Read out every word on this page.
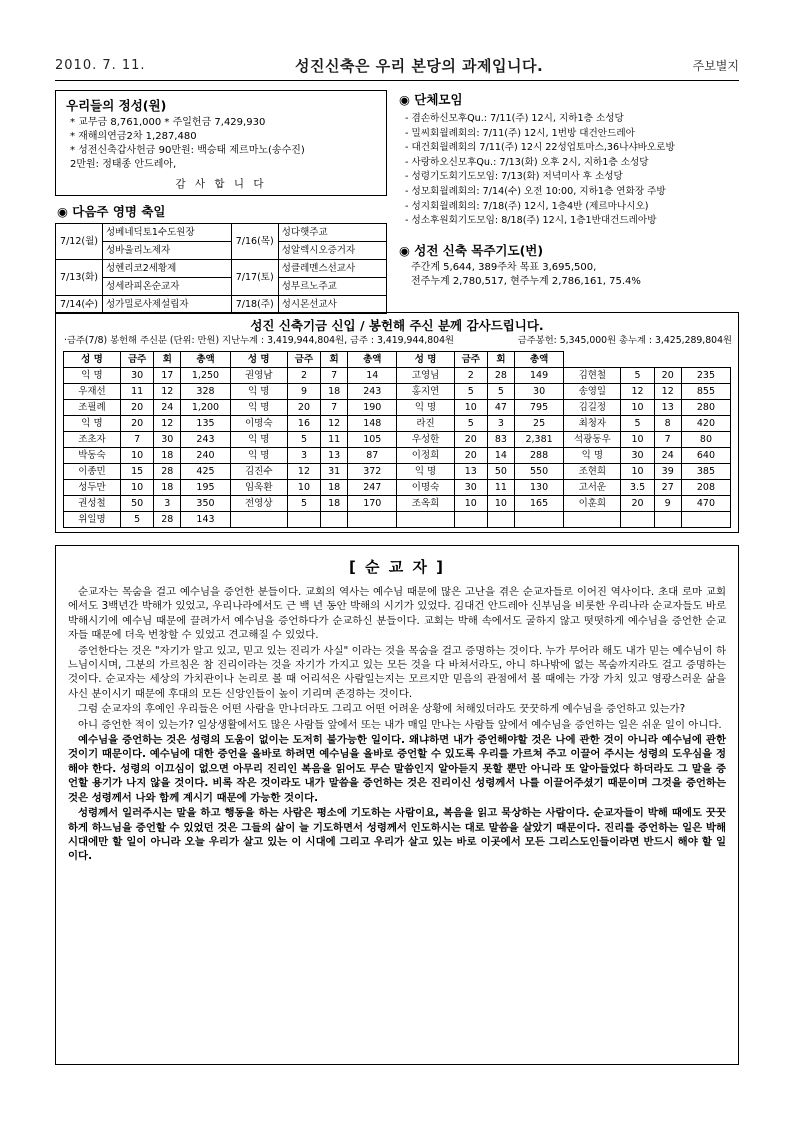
2010. 7. 11.	성진신축은 우리 본당의 과제입니다.	주보별지
우리들의 정성(원)
* 교무금 8,761,000 * 주일헌금 7,429,930
* 재해의연금2차 1,287,480
* 성전신축갑사헌금 90만원: 백승태 제르마노(송수진)
2만원: 정태종 안드레아,
감 사 합 니 다
◉ 다음주 영명 축일
7/12(월)	성베네딕토1수도원장	7/16(목)	성다햇주교
	성바울리노제자		성알렉시오증거자
7/13(화)	성헨리코2세황제	7/17(토)	성클레멘스선교사
	성세라피온순교자		성부르노주교
7/14(수)	성가밀로사제설립자	7/18(주)	성시몬선교사
◉ 단체모임
- 겸손하신모후Qu.: 7/11(주) 12시, 지하1층 소성당
- 밀씨회월례회의: 7/11(주) 12시, 1번방 대건안드레아
- 대건회월례회의 7/11(주) 12시 22성업토마스,36나샤바오로방
- 사랑하오신모후Qu.: 7/13(화) 오후 2시, 지하1층 소성당
- 성령기도회기도모임: 7/13(화) 저녁미사 후 소성당
- 성모회월례회의: 7/14(수) 오전 10:00, 지하1층 연화장 주방
- 성지회월례회의: 7/18(주) 12시, 1층4반 (제르마나시오)
- 성소후원회기도모임: 8/18(주) 12시, 1층1반대건드레아방
◉ 성전 신축 목주기도(번)
주간계 5,644, 389주차 목표 3,695,500,
전주누계 2,780,517, 현주누계 2,786,161, 75.4%
성진 신축기금 신입 / 봉헌해 주신 분께 감사드립니다.
·금주(7/8) 봉헌해 주신분 (단위: 만원) 지난누계 : 3,419,944,804원, 금주 : 3,419,944,804원	금주봉헌: 5,345,000원 총누계 : 3,425,289,804원
성 명	금주	회	총액	성 명	금주	회	총액	성 명	금주	회	총액				
익 명	30	17	1,250	권영남	2	7	14	고영님	2	28	149	김현철	5	20	235
우재선	11	12	328	익 명	9	18	243	홍지연	5	5	30	송영일	12	12	855
조필례	20	24	1,200	익 명	20	7	190	익 명	10	47	795	김길정	10	13	280
익 명	20	12	135	이명숙	16	12	148	라진	5	3	25	최청자	5	8	420
조초자	7	30	243	익 명	5	11	105	우성한	20	83	2,381	석광동우	10	7	80
박동숙	10	18	240	익 명	3	13	87	이정희	20	14	288	익 명	30	24	640
이종민	15	28	425	김진수	12	31	372	익 명	13	50	550	조현희	10	39	385
성두만	10	18	195	임욱환	10	18	247	이명숙	30	11	130	고서운	3.5	27	208
권성철	50	3	350	전영상	5	18	170	조옥희	10	10	165	이훈희	20	9	470
위일명	5	28	143												
[ 순 교 자 ]

순교자는 목숨을 걸고 예수님을 증언한 분들이다. 교회의 역사는 예수님 때문에 많은 고난을 겪은 순교자들로 이어진 역사이다. 초대 로마 교회에서도 3백년간 박해가 있었고, 우리나라에서도 근 백 년 동안 박해의 시기가 있었다. 김대건 안드레아 신부님을 비롯한 우리나라 순교자들도 바로 박해시기에 예수님 때문에 끌려가서 예수님을 증언하다가 순교하신 분들이다. 교회는 박해 속에서도 굴하지 않고 떳떳하게 예수님을 증언한 순교자들 때문에 더욱 번창할 수 있었고 견고해질 수 있었다.

증언한다는 것은 "자기가 알고 있고, 믿고 있는 진리가 사실" 이라는 것을 목숨을 걸고 증명하는 것이다. 누가 무어라 해도 내가 믿는 예수님이 하느님이시며, 그분의 가르침은 참 진리이라는 것을 자기가 가지고 있는 모든 것을 다 바쳐서라도, 아니 하나밖에 없는 목숨까지라도 걸고 증명하는 것이다. 순교자는 세상의 가치관이나 논리로 볼 때 어리석은 사람일는지는 모르지만 믿음의 관점에서 볼 때에는 가장 가치 있고 영광스러운 삶을 사신 분이시기 때문에 후대의 모든 신앙인들이 높이 기리며 존경하는 것이다.

그럼 순교자의 후예인 우리들은 어떤 사람을 만나더라도 그리고 어떤 어려운 상황에 처해있더라도 꿋꿋하게 예수님을 증언하고 있는가?

아니 증언한 적이 있는가? 일상생활에서도 많은 사람들 앞에서 또는 내가 매일 만나는 사람들 앞에서 예수님을 증언하는 일은 쉬운 일이 아니다.

예수님을 증언하는 것은 성령의 도움이 없이는 도저히 불가능한 일이다. 왜냐하면 내가 증언해야할 것은 나에 관한 것이 아니라 예수님에 관한 것이기 때문이다. 예수님에 대한 증언을 올바로 하려면 예수님을 올바로 증언할 수 있도록 우리를 가르쳐 주고 이끌어 주시는 성령의 도우심을 정해야 한다. 성령의 이끄심이 없으면 아무리 진리인 복음을 읽어도 무슨 말씀인지 알아듣지 못할 뿐만 아니라 또 알아들었다 하더라도 그 말을 증언할 용기가 나지 않을 것이다. 비록 작은 것이라도 내가 말씀을 증언하는 것은 진리이신 성령께서 나를 이끌어주셨기 때문이며 그것을 증언하는 것은 성령께서 나와 함께 계시기 때문에 가능한 것이다.

성령께서 일러주시는 말을 하고 행동을 하는 사람은 평소에 기도하는 사람이요, 복음을 읽고 묵상하는 사람이다. 순교자들이 박해 때에도 꿋꿋하게 하느님을 증언할 수 있었던 것은 그들의 삶이 늘 기도하면서 성령께서 인도하시는 대로 말씀을 살았기 때문이다. 진리를 증언하는 일은 박해시대에만 할 일이 아니라 오늘 우리가 살고 있는 이 시대에 그리고 우리가 살고 있는 바로 이곳에서 모든 그리스도인들이라면 반드시 해야 할 일이다.
